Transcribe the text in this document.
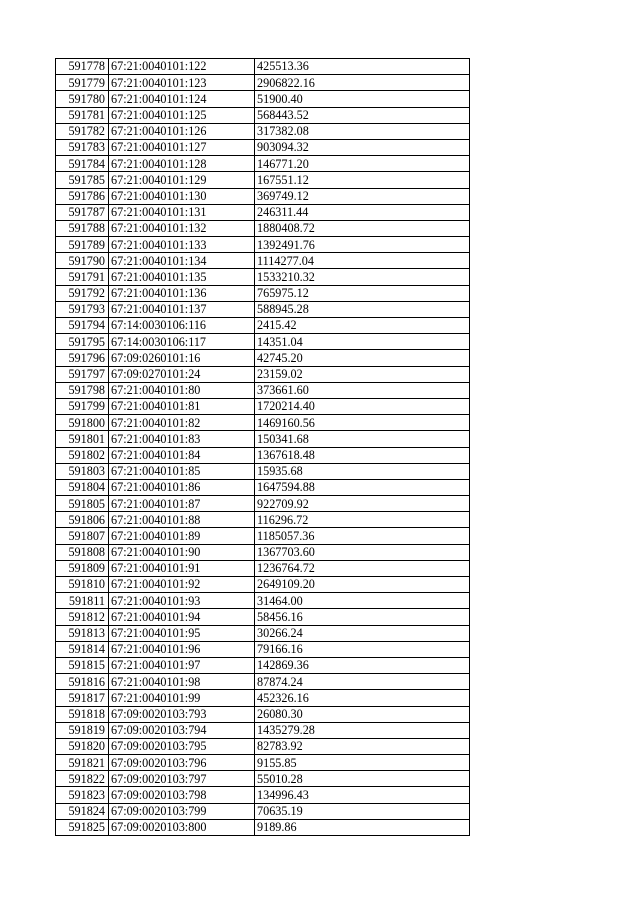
591778	67:21:0040101:122	425513.36
591779	67:21:0040101:123	2906822.16
591780	67:21:0040101:124	51900.40
591781	67:21:0040101:125	568443.52
591782	67:21:0040101:126	317382.08
591783	67:21:0040101:127	903094.32
591784	67:21:0040101:128	146771.20
591785	67:21:0040101:129	167551.12
591786	67:21:0040101:130	369749.12
591787	67:21:0040101:131	246311.44
591788	67:21:0040101:132	1880408.72
591789	67:21:0040101:133	1392491.76
591790	67:21:0040101:134	1114277.04
591791	67:21:0040101:135	1533210.32
591792	67:21:0040101:136	765975.12
591793	67:21:0040101:137	588945.28
591794	67:14:0030106:116	2415.42
591795	67:14:0030106:117	14351.04
591796	67:09:0260101:16	42745.20
591797	67:09:0270101:24	23159.02
591798	67:21:0040101:80	373661.60
591799	67:21:0040101:81	1720214.40
591800	67:21:0040101:82	1469160.56
591801	67:21:0040101:83	150341.68
591802	67:21:0040101:84	1367618.48
591803	67:21:0040101:85	15935.68
591804	67:21:0040101:86	1647594.88
591805	67:21:0040101:87	922709.92
591806	67:21:0040101:88	116296.72
591807	67:21:0040101:89	1185057.36
591808	67:21:0040101:90	1367703.60
591809	67:21:0040101:91	1236764.72
591810	67:21:0040101:92	2649109.20
591811	67:21:0040101:93	31464.00
591812	67:21:0040101:94	58456.16
591813	67:21:0040101:95	30266.24
591814	67:21:0040101:96	79166.16
591815	67:21:0040101:97	142869.36
591816	67:21:0040101:98	87874.24
591817	67:21:0040101:99	452326.16
591818	67:09:0020103:793	26080.30
591819	67:09:0020103:794	1435279.28
591820	67:09:0020103:795	82783.92
591821	67:09:0020103:796	9155.85
591822	67:09:0020103:797	55010.28
591823	67:09:0020103:798	134996.43
591824	67:09:0020103:799	70635.19
591825	67:09:0020103:800	9189.86
